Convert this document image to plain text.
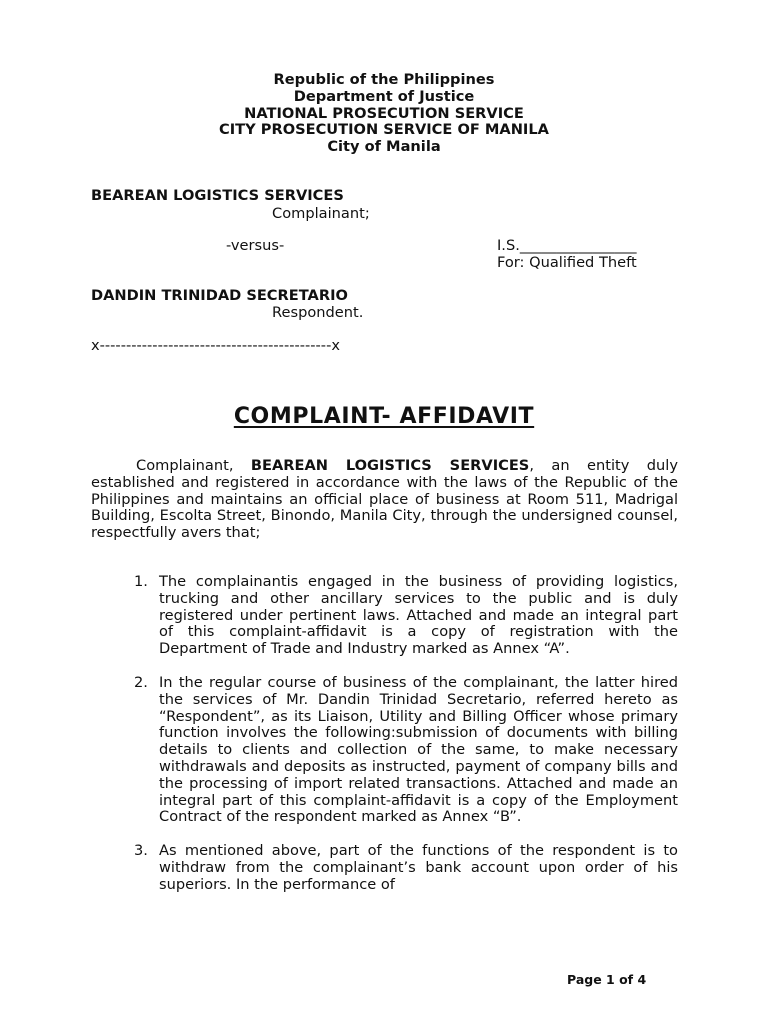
Republic of the Philippines
Department of Justice
NATIONAL PROSECUTION SERVICE
CITY PROSECUTION SERVICE OF MANILA
City of Manila
BEAREAN LOGISTICS SERVICES
Complainant;
-versus-	I.S.________________
For: Qualified Theft
DANDIN TRINIDAD SECRETARIO
Respondent.
x--------------------------------------------x
COMPLAINT- AFFIDAVIT
Complainant, BEAREAN LOGISTICS SERVICES, an entity duly established and registered in accordance with the laws of the Republic of the Philippines and maintains an official place of business at Room 511, Madrigal Building, Escolta Street, Binondo, Manila City, through the undersigned counsel, respectfully avers that;
1. The complainantis engaged in the business of providing logistics, trucking and other ancillary services to the public and is duly registered under pertinent laws. Attached and made an integral part of this complaint-affidavit is a copy of registration with the Department of Trade and Industry marked as Annex “A”.
2. In the regular course of business of the complainant, the latter hired the services of Mr. Dandin Trinidad Secretario, referred hereto as “Respondent”, as its Liaison, Utility and Billing Officer whose primary function involves the following:submission of documents with billing details to clients and collection of the same, to make necessary withdrawals and deposits as instructed, payment of company bills and the processing of import related transactions. Attached and made an integral part of this complaint-affidavit is a copy of the Employment Contract of the respondent marked as Annex “B”.
3. As mentioned above, part of the functions of the respondent is to withdraw from the complainant’s bank account upon order of his superiors. In the performance of
Page 1 of 4
